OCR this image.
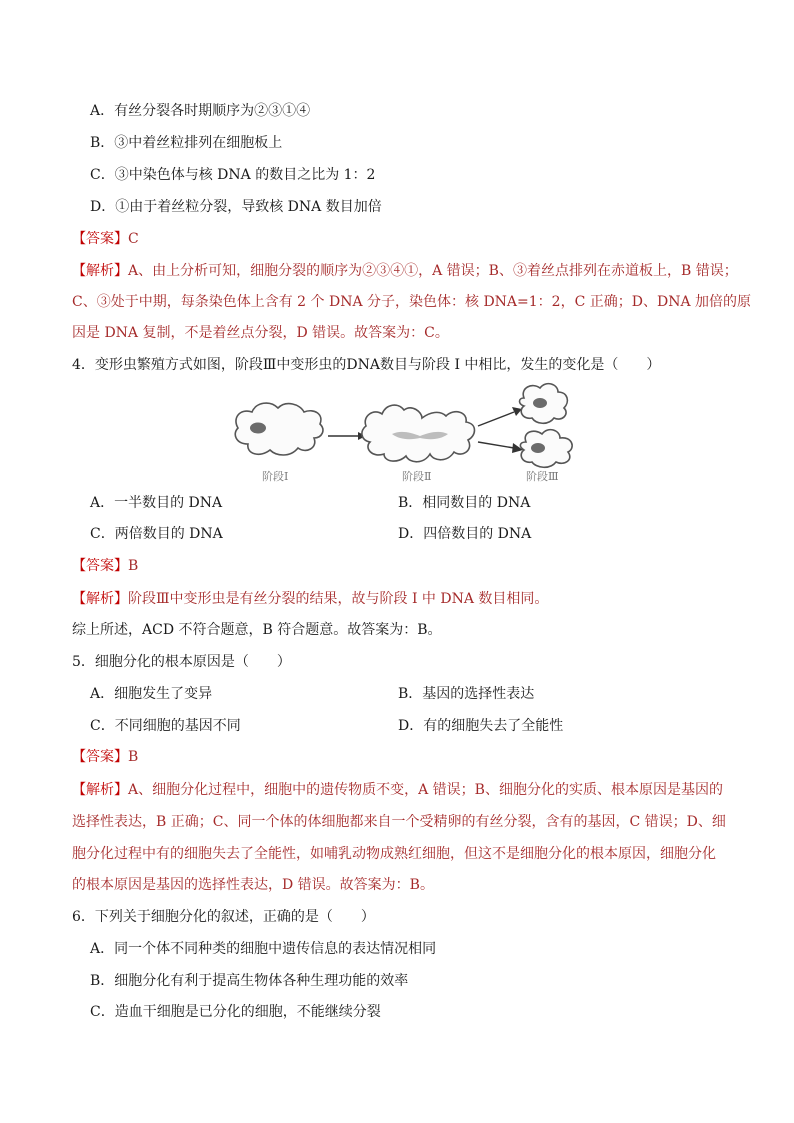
A．有丝分裂各时期顺序为②③①④
B．③中着丝粒排列在细胞板上
C．③中染色体与核 DNA 的数目之比为 1：2
D．①由于着丝粒分裂，导致核 DNA 数目加倍
【答案】C
【解析】A、由上分析可知，细胞分裂的顺序为②③④①，A 错误；B、③着丝点排列在赤道板上，B 错误；
C、③处于中期，每条染色体上含有 2 个 DNA 分子，染色体：核 DNA=1：2，C 正确；D、DNA 加倍的原
因是 DNA 复制，不是着丝点分裂，D 错误。故答案为：C。
4．变形虫繁殖方式如图，阶段Ⅲ中变形虫的DNA数目与阶段 I 中相比，发生的变化是（　　）
阶段Ⅰ	阶段Ⅱ	阶段Ⅲ
A．一半数目的 DNA	B．相同数目的 DNA
C．两倍数目的 DNA	D．四倍数目的 DNA
【答案】B
【解析】阶段Ⅲ中变形虫是有丝分裂的结果，故与阶段 I 中 DNA 数目相同。
综上所述，ACD 不符合题意，B 符合题意。故答案为：B。
5．细胞分化的根本原因是（　　）
A．细胞发生了变异	B．基因的选择性表达
C．不同细胞的基因不同	D．有的细胞失去了全能性
【答案】B
【解析】A、细胞分化过程中，细胞中的遗传物质不变，A 错误；B、细胞分化的实质、根本原因是基因的
选择性表达，B 正确；C、同一个体的体细胞都来自一个受精卵的有丝分裂，含有的基因，C 错误；D、细
胞分化过程中有的细胞失去了全能性，如哺乳动物成熟红细胞，但这不是细胞分化的根本原因，细胞分化
的根本原因是基因的选择性表达，D 错误。故答案为：B。
6．下列关于细胞分化的叙述，正确的是（　　）
A．同一个体不同种类的细胞中遗传信息的表达情况相同
B．细胞分化有利于提高生物体各种生理功能的效率
C．造血干细胞是已分化的细胞，不能继续分裂
